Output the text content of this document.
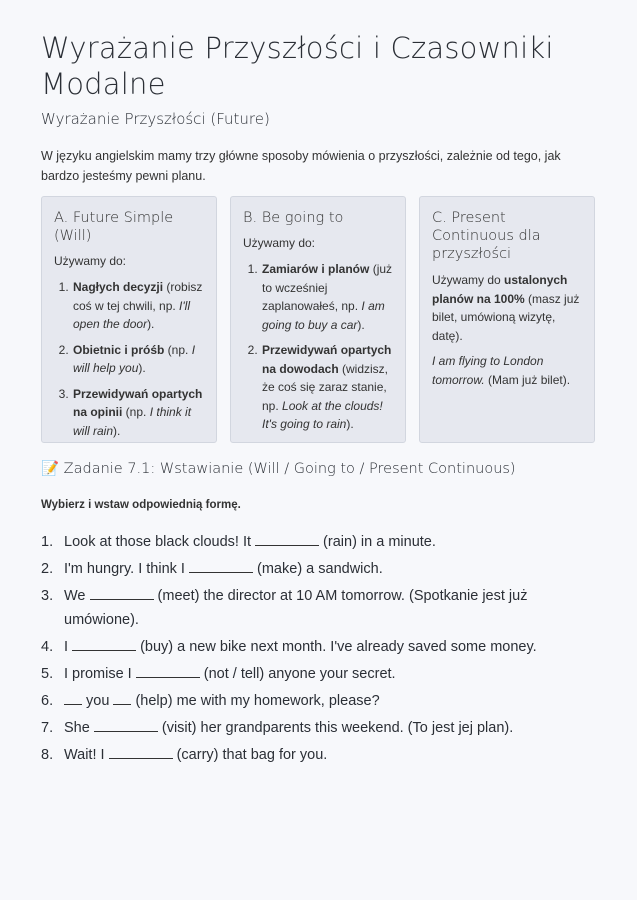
Wyrażanie Przyszłości i Czasowniki Modalne
Wyrażanie Przyszłości (Future)

W języku angielskim mamy trzy główne sposoby mówienia o przyszłości, zależnie od tego, jak bardzo jesteśmy pewni planu.

A. Future Simple (Will)

Używamy do:

1. Nagłych decyzji (robisz coś w tej chwili, np. I'll open the door).
2. Obietnic i próśb (np. I will help you).
3. Przewidywań opartych na opinii (np. I think it will rain).
B. Be going to

Używamy do:

1. Zamiarów i planów (już to wcześniej zaplanowałeś, np. I am going to buy a car).
2. Przewidywań opartych na dowodach (widzisz, że coś się zaraz stanie, np. Look at the clouds! It's going to rain).
C. Present Continuous dla przyszłości

Używamy do ustalonych planów na 100% (masz już bilet, umówioną wizytę, datę).

I am flying to London tomorrow. (Mam już bilet).

📝 Zadanie 7.1: Wstawianie (Will / Going to / Present Continuous)

Wybierz i wstaw odpowiednią formę.

1. Look at those black clouds! It	(rain) in a minute.
2. I'm hungry. I think I	(make) a sandwich.
3. We	(meet) the director at 10 AM tomorrow. (Spotkanie jest już umówione).
4. I	(buy) a new bike next month. I've already saved some money.
5. I promise I	(not / tell) anyone your secret.
6. you  (help) me with my homework, please?
7. She	(visit) her grandparents this weekend. (To jest jej plan).
8. Wait! I	(carry) that bag for you.
